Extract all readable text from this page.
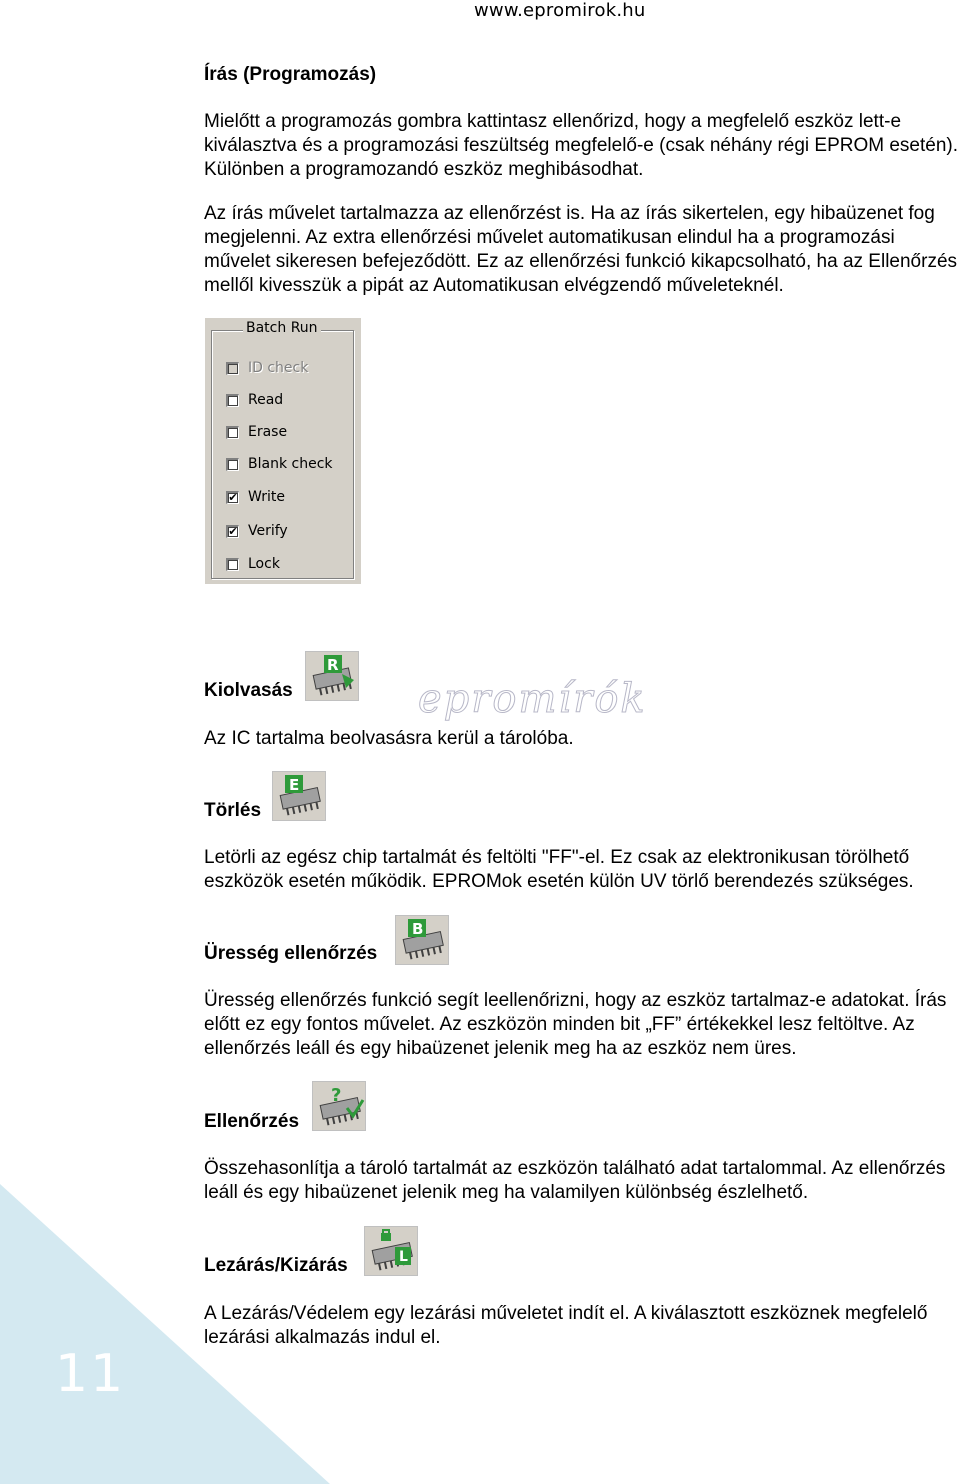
www.epromirok.hu
11
Írás (Programozás)
Mielőtt a programozás gombra kattintasz ellenőrizd, hogy a megfelelő eszköz lett-e kiválasztva és a programozási feszültség megfelelő-e (csak néhány régi EPROM esetén). Különben a programozandó eszköz meghibásodhat.
Az írás művelet tartalmazza az ellenőrzést is. Ha az írás sikertelen, egy hibaüzenet fog megjelenni. Az extra ellenőrzési művelet automatikusan elindul ha a programozási művelet sikeresen befejeződött. Ez az ellenőrzési funkció kikapcsolható, ha az Ellenőrzés mellől kivesszük a pipát az Automatikusan elvégzendő műveleteknél.
Batch Run
ID check
Read
Erase
Blank check
✔ Write
✔ Verify
Lock
Kiolvasás
R
epromírók
Az IC tartalma beolvasásra kerül a tárolóba.
Törlés
E
Letörli az egész chip tartalmát és feltölti "FF"-el. Ez csak az elektronikusan törölhető eszközök esetén működik. EPROMok esetén külön UV törlő berendezés szükséges.
Üresség ellenőrzés
B
Üresség ellenőrzés funkció segít leellenőrizni, hogy az eszköz tartalmaz-e adatokat. Írás előtt ez egy fontos művelet. Az eszközön minden bit „FF” értékekkel lesz feltöltve. Az ellenőrzés leáll és egy hibaüzenet jelenik meg ha az eszköz nem üres.
Ellenőrzés
?
Összehasonlítja a tároló tartalmát az eszközön található adat tartalommal. Az ellenőrzés leáll és egy hibaüzenet jelenik meg ha valamilyen különbség észlelhető.
Lezárás/Kizárás	L
A Lezárás/Védelem egy lezárási műveletet indít el. A kiválasztott eszköznek megfelelő lezárási alkalmazás indul el.
